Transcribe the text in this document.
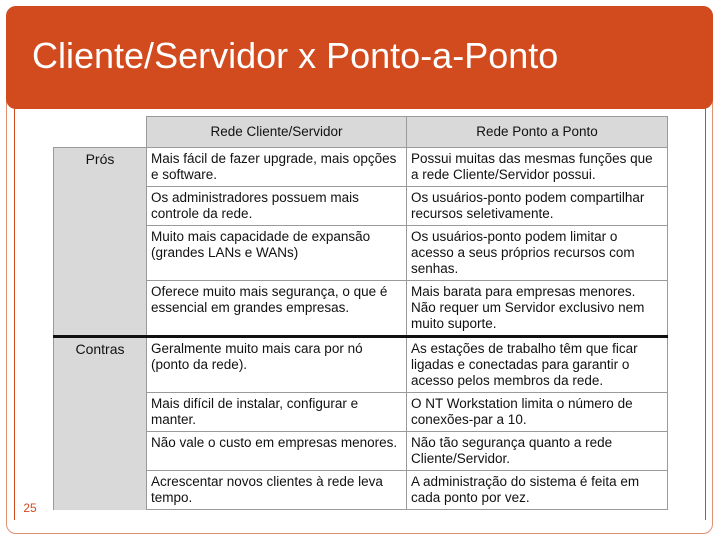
Cliente/Servidor x Ponto-a-Ponto
	Rede Cliente/Servidor	Rede Ponto a Ponto
Prós	Mais fácil de fazer upgrade, mais opções e software.	Possui muitas das mesmas funções que a rede Cliente/Servidor possui.
	Os administradores possuem mais controle da rede.	Os usuários-ponto podem compartilhar recursos seletivamente.
	Muito mais capacidade de expansão (grandes LANs e WANs)	Os usuários-ponto podem limitar o acesso a seus próprios recursos com senhas.
	Oferece muito mais segurança, o que é essencial em grandes empresas.	Mais barata para empresas menores. Não requer um Servidor exclusivo nem muito suporte.
Contras	Geralmente muito mais cara por nó (ponto da rede).	As estações de trabalho têm que ficar ligadas e conectadas para garantir o acesso pelos membros da rede.
	Mais difícil de instalar, configurar e manter.	O NT Workstation limita o número de conexões-par a 10.
	Não vale o custo em empresas menores.	Não tão segurança quanto a rede Cliente/Servidor.
	Acrescentar novos clientes à rede leva tempo.	A administração do sistema é feita em cada ponto por vez.
25
